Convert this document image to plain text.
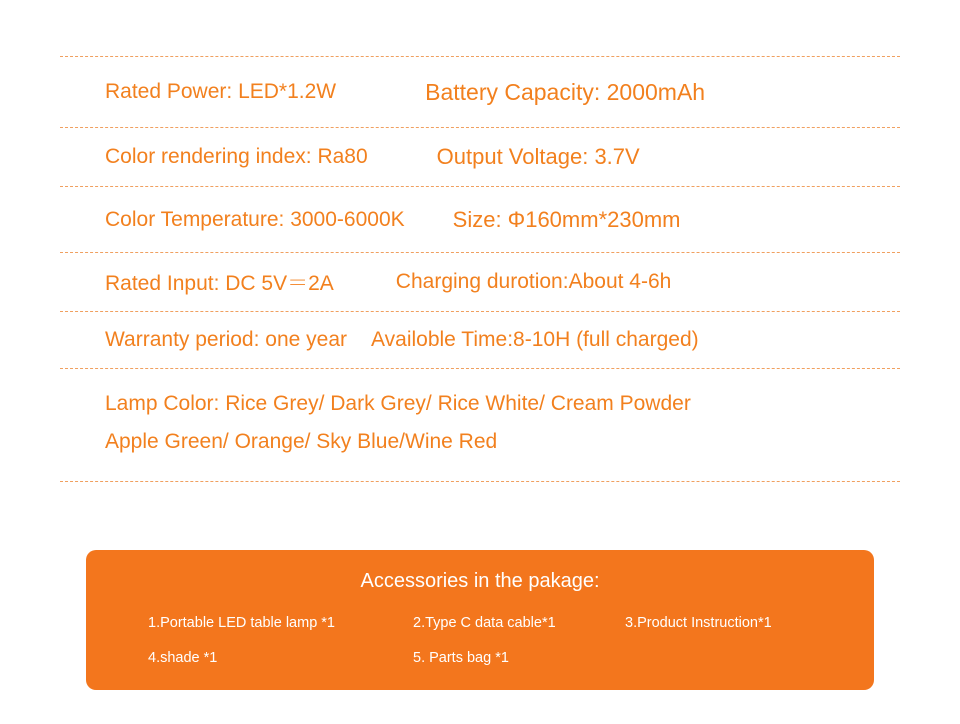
Rated Power: LED*1.2W	Battery Capacity: 2000mAh
Color rendering index: Ra80	Output Voltage: 3.7V
Color Temperature: 3000-6000K Size: Φ160mm*230mm
Rated Input: DC 5V＝2A	Charging durotion:About 4-6h
Warranty period: one year Availoble Time:8-10H (full charged)
Lamp Color: Rice Grey/ Dark Grey/ Rice White/ Cream Powder
Apple Green/ Orange/ Sky Blue/Wine Red
Accessories in the pakage:
1.Portable LED table lamp *1	2.Type C data cable*1	3.Product Instruction*1
4.shade *1	5. Parts bag *1
